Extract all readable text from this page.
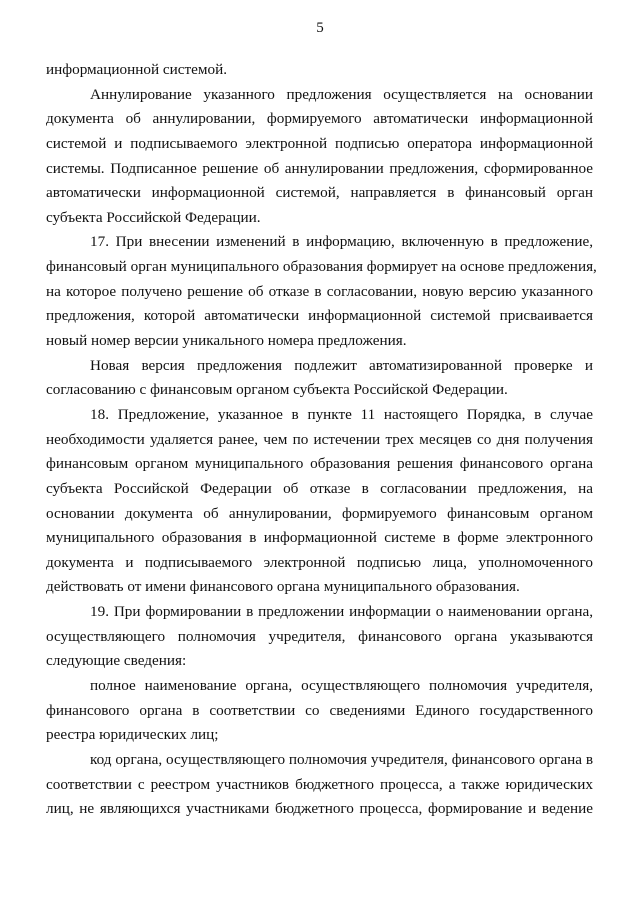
5
информационной системой.
Аннулирование указанного предложения осуществляется на основании
документа об аннулировании, формируемого автоматически информационной
системой и подписываемого электронной подписью оператора информационной
системы. Подписанное решение об аннулировании предложения, сформированное
автоматически информационной системой, направляется в финансовый орган
субъекта Российской Федерации.
17. При внесении изменений в информацию, включенную в предложение,
финансовый орган муниципального образования формирует на основе предложения,
на которое получено решение об отказе в согласовании, новую версию указанного
предложения, которой автоматически информационной системой присваивается
новый номер версии уникального номера предложения.
Новая версия предложения подлежит автоматизированной проверке и
согласованию с финансовым органом субъекта Российской Федерации.
18. Предложение, указанное в пункте 11 настоящего Порядка, в случае
необходимости удаляется ранее, чем по истечении трех месяцев со дня получения
финансовым органом муниципального образования решения финансового органа
субъекта Российской Федерации об отказе в согласовании предложения, на
основании документа об аннулировании, формируемого финансовым органом
муниципального образования в информационной системе в форме электронного
документа и подписываемого электронной подписью лица, уполномоченного
действовать от имени финансового органа муниципального образования.
19. При формировании в предложении информации о наименовании органа,
осуществляющего полномочия учредителя, финансового органа указываются
следующие сведения:
полное наименование органа, осуществляющего полномочия учредителя,
финансового органа в соответствии со сведениями Единого государственного
реестра юридических лиц;
код органа, осуществляющего полномочия учредителя, финансового органа в
соответствии с реестром участников бюджетного процесса, а также юридических
лиц, не являющихся участниками бюджетного процесса, формирование и ведение
